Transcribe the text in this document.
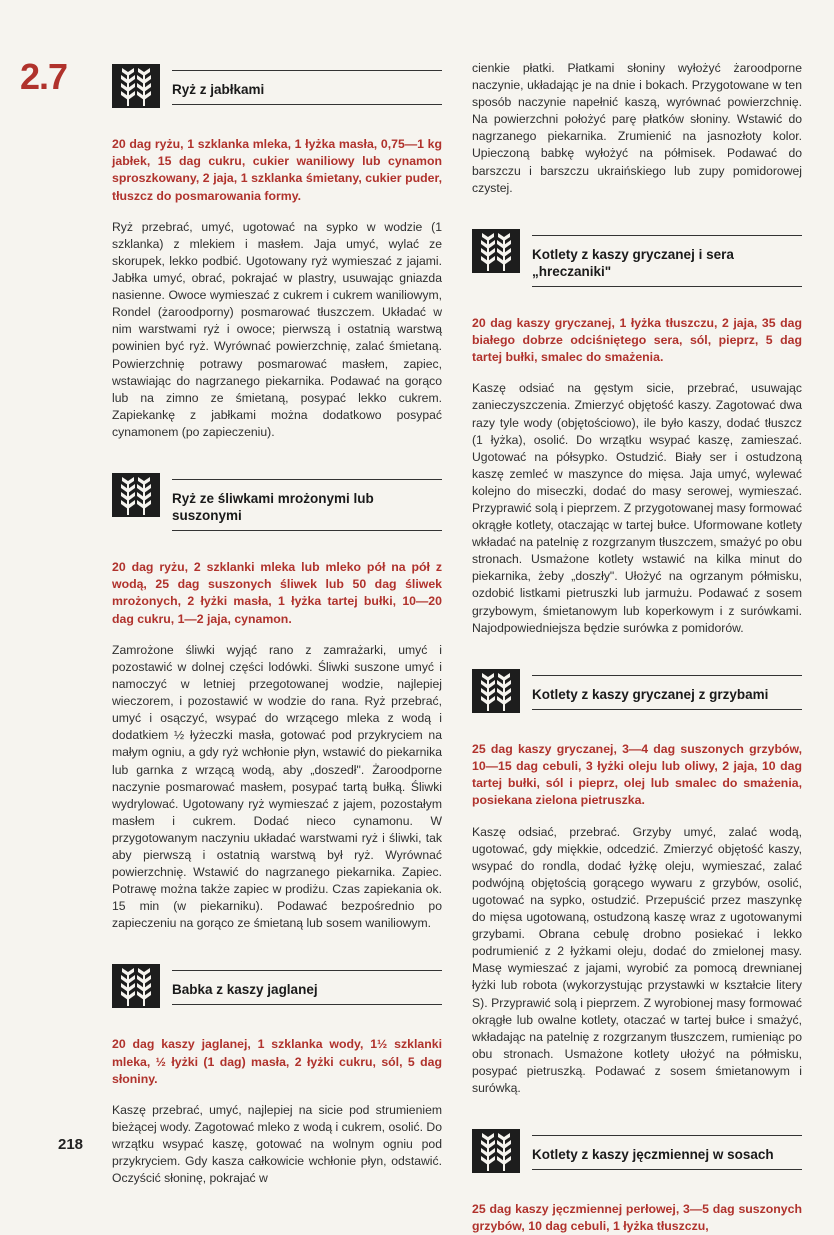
2.7
218
Ryż z jabłkami
20 dag ryżu, 1 szklanka mleka, 1 łyżka masła, 0,75—1 kg jabłek, 15 dag cukru, cukier waniliowy lub cynamon sproszkowany, 2 jaja, 1 szklanka śmietany, cukier puder, tłuszcz do posmarowania formy.
Ryż przebrać, umyć, ugotować na sypko w wodzie (1 szklanka) z mlekiem i masłem. Jaja umyć, wylać ze skorupek, lekko podbić. Ugotowany ryż wymieszać z jajami. Jabłka umyć, obrać, pokrajać w plastry, usuwając gniazda nasienne. Owoce wymieszać z cukrem i cukrem waniliowym, Rondel (żaroodporny) posmarować tłuszczem. Układać w nim warstwami ryż i owoce; pierwszą i ostatnią warstwą powinien być ryż. Wyrównać powierzchnię, zalać śmietaną. Powierzchnię potrawy posmarować masłem, zapiec, wstawiając do nagrzanego piekarnika. Podawać na gorąco lub na zimno ze śmietaną, posypać lekko cukrem. Zapiekankę z jabłkami można dodatkowo posypać cynamonem (po zapieczeniu).
Ryż ze śliwkami mrożonymi lub suszonymi
20 dag ryżu, 2 szklanki mleka lub mleko pół na pół z wodą, 25 dag suszonych śliwek lub 50 dag śliwek mrożonych, 2 łyżki masła, 1 łyżka tartej bułki, 10—20 dag cukru, 1—2 jaja, cynamon.
Zamrożone śliwki wyjąć rano z zamrażarki, umyć i pozostawić w dolnej części lodówki. Śliwki suszone umyć i namoczyć w letniej przegotowanej wodzie, najlepiej wieczorem, i pozostawić w wodzie do rana. Ryż przebrać, umyć i osączyć, wsypać do wrzącego mleka z wodą i dodatkiem ½ łyżeczki masła, gotować pod przykryciem na małym ogniu, a gdy ryż wchłonie płyn, wstawić do piekarnika lub garnka z wrzącą wodą, aby „doszedł". Żaroodporne naczynie posmarować masłem, posypać tartą bułką. Śliwki wydrylować. Ugotowany ryż wymieszać z jajem, pozostałym masłem i cukrem. Dodać nieco cynamonu. W przygotowanym naczyniu układać warstwami ryż i śliwki, tak aby pierwszą i ostatnią warstwą był ryż. Wyrównać powierzchnię. Wstawić do nagrzanego piekarnika. Zapiec. Potrawę można także zapiec w prodiżu. Czas zapiekania ok. 15 min (w piekarniku). Podawać bezpośrednio po zapieczeniu na gorąco ze śmietaną lub sosem waniliowym.
Babka z kaszy jaglanej
20 dag kaszy jaglanej, 1 szklanka wody, 1½ szklanki mleka, ½ łyżki (1 dag) masła, 2 łyżki cukru, sól, 5 dag słoniny.
Kaszę przebrać, umyć, najlepiej na sicie pod strumieniem bieżącej wody. Zagotować mleko z wodą i cukrem, osolić. Do wrzątku wsypać kaszę, gotować na wolnym ogniu pod przykryciem. Gdy kasza całkowicie wchłonie płyn, odstawić. Oczyścić słoninę, pokrajać w
cienkie płatki. Płatkami słoniny wyłożyć żaroodporne naczynie, układając je na dnie i bokach. Przygotowane w ten sposób naczynie napełnić kaszą, wyrównać powierzchnię. Na powierzchni położyć parę płatków słoniny. Wstawić do nagrzanego piekarnika. Zrumienić na jasnozłoty kolor. Upieczoną babkę wyłożyć na półmisek. Podawać do barszczu i barszczu ukraińskiego lub zupy pomidorowej czystej.
Kotlety z kaszy gryczanej i sera „hreczaniki"
20 dag kaszy gryczanej, 1 łyżka tłuszczu, 2 jaja, 35 dag białego dobrze odciśniętego sera, sól, pieprz, 5 dag tartej bułki, smalec do smażenia.
Kaszę odsiać na gęstym sicie, przebrać, usuwając zanieczyszczenia. Zmierzyć objętość kaszy. Zagotować dwa razy tyle wody (objętościowo), ile było kaszy, dodać tłuszcz (1 łyżka), osolić. Do wrzątku wsypać kaszę, zamieszać. Ugotować na półsypko. Ostudzić. Biały ser i ostudzoną kaszę zemleć w maszynce do mięsa. Jaja umyć, wylewać kolejno do miseczki, dodać do masy serowej, wymieszać. Przyprawić solą i pieprzem. Z przygotowanej masy formować okrągłe kotlety, otaczając w tartej bułce. Uformowane kotlety wkładać na patelnię z rozgrzanym tłuszczem, smażyć po obu stronach. Usmażone kotlety wstawić na kilka minut do piekarnika, żeby „doszły". Ułożyć na ogrzanym półmisku, ozdobić listkami pietruszki lub jarmużu. Podawać z sosem grzybowym, śmietanowym lub koperkowym i z surówkami. Najodpowiedniejsza będzie surówka z pomidorów.
Kotlety z kaszy gryczanej z grzybami
25 dag kaszy gryczanej, 3—4 dag suszonych grzybów, 10—15 dag cebuli, 3 łyżki oleju lub oliwy, 2 jaja, 10 dag tartej bułki, sól i pieprz, olej lub smalec do smażenia, posiekana zielona pietruszka.
Kaszę odsiać, przebrać. Grzyby umyć, zalać wodą, ugotować, gdy miękkie, odcedzić. Zmierzyć objętość kaszy, wsypać do rondla, dodać łyżkę oleju, wymieszać, zalać podwójną objętością gorącego wywaru z grzybów, osolić, ugotować na sypko, ostudzić. Przepuścić przez maszynkę do mięsa ugotowaną, ostudzoną kaszę wraz z ugotowanymi grzybami. Obrana cebulę drobno posiekać i lekko podrumienić z 2 łyżkami oleju, dodać do zmielonej masy. Masę wymieszać z jajami, wyrobić za pomocą drewnianej łyżki lub robota (wykorzystując przystawki w kształcie litery S). Przyprawić solą i pieprzem. Z wyrobionej masy formować okrągłe lub owalne kotlety, otaczać w tartej bułce i smażyć, wkładając na patelnię z rozgrzanym tłuszczem, rumieniąc po obu stronach. Usmażone kotlety ułożyć na półmisku, posypać pietruszką. Podawać z sosem śmietanowym i surówką.
Kotlety z kaszy jęczmiennej w sosach
25 dag kaszy jęczmiennej perłowej, 3—5 dag suszonych grzybów, 10 dag cebuli, 1 łyżka tłuszczu,
